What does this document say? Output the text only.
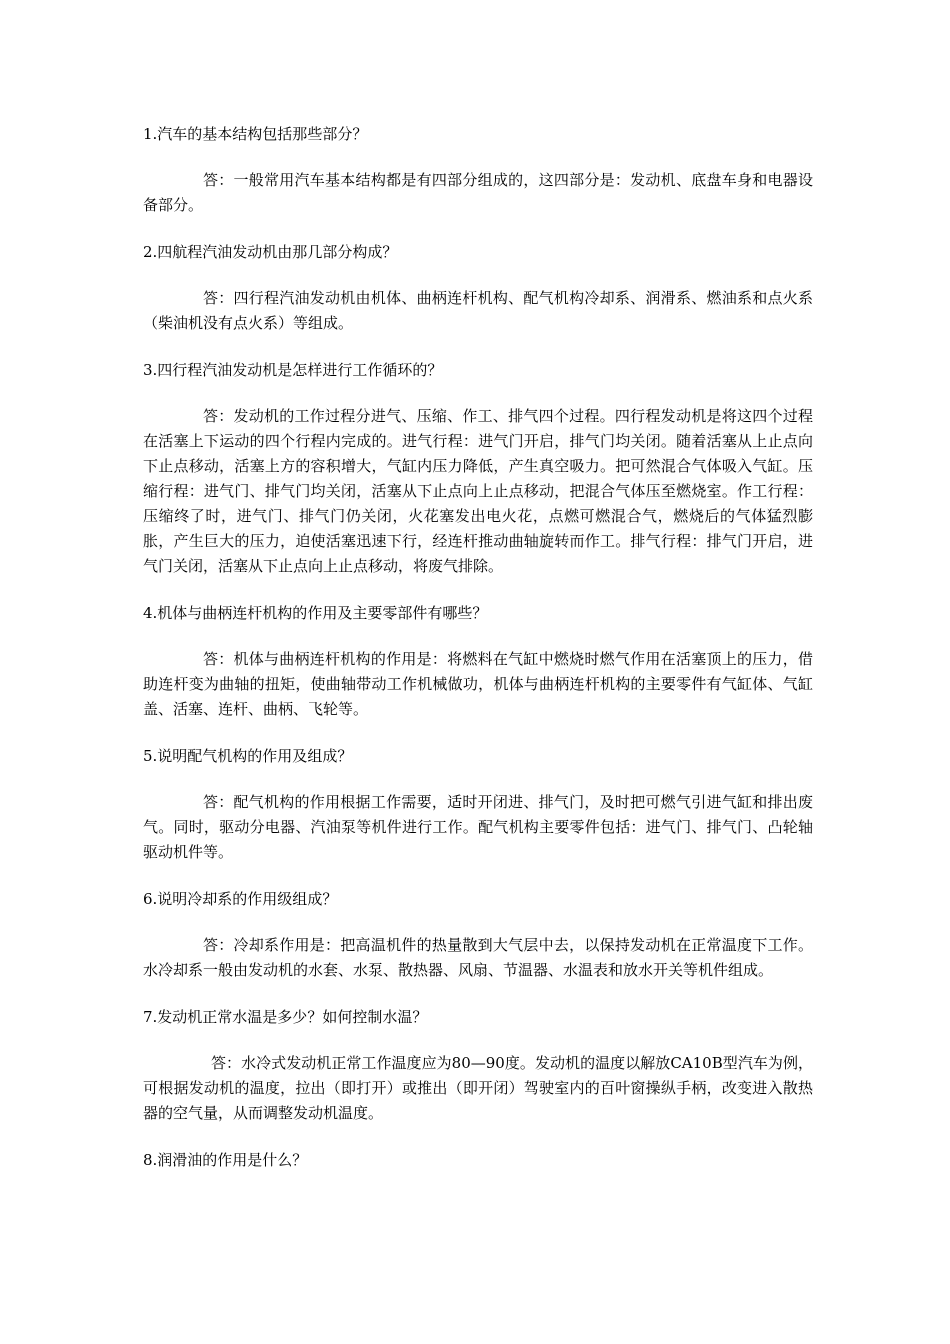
1.汽车的基本结构包括那些部分？
答：一般常用汽车基本结构都是有四部分组成的，这四部分是：发动机、底盘车身和电器设备部分。
2.四航程汽油发动机由那几部分构成？
答：四行程汽油发动机由机体、曲柄连杆机构、配气机构冷却系、润滑系、燃油系和点火系（柴油机没有点火系）等组成。
3.四行程汽油发动机是怎样进行工作循环的？
答：发动机的工作过程分进气、压缩、作工、排气四个过程。四行程发动机是将这四个过程在活塞上下运动的四个行程内完成的。进气行程：进气门开启，排气门均关闭。随着活塞从上止点向下止点移动，活塞上方的容积增大，气缸内压力降低，产生真空吸力。把可然混合气体吸入气缸。压缩行程：进气门、排气门均关闭，活塞从下止点向上止点移动，把混合气体压至燃烧室。作工行程：压缩终了时，进气门、排气门仍关闭，火花塞发出电火花，点燃可燃混合气，燃烧后的气体猛烈膨胀，产生巨大的压力，迫使活塞迅速下行，经连杆推动曲轴旋转而作工。排气行程：排气门开启，进气门关闭，活塞从下止点向上止点移动，将废气排除。
4.机体与曲柄连杆机构的作用及主要零部件有哪些？
答：机体与曲柄连杆机构的作用是：将燃料在气缸中燃烧时燃气作用在活塞顶上的压力，借助连杆变为曲轴的扭矩，使曲轴带动工作机械做功，机体与曲柄连杆机构的主要零件有气缸体、气缸盖、活塞、连杆、曲柄、飞轮等。
5.说明配气机构的作用及组成？
答：配气机构的作用根据工作需要，适时开闭进、排气门，及时把可燃气引进气缸和排出废气。同时，驱动分电器、汽油泵等机件进行工作。配气机构主要零件包括：进气门、排气门、凸轮轴驱动机件等。
6.说明冷却系的作用级组成？
答：冷却系作用是：把高温机件的热量散到大气层中去，以保持发动机在正常温度下工作。水冷却系一般由发动机的水套、水泵、散热器、风扇、节温器、水温表和放水开关等机件组成。
7.发动机正常水温是多少？如何控制水温？
答：水冷式发动机正常工作温度应为80—90度。发动机的温度以解放CA10B型汽车为例，可根据发动机的温度，拉出（即打开）或推出（即开闭）驾驶室内的百叶窗操纵手柄，改变进入散热器的空气量，从而调整发动机温度。
8.润滑油的作用是什么？
